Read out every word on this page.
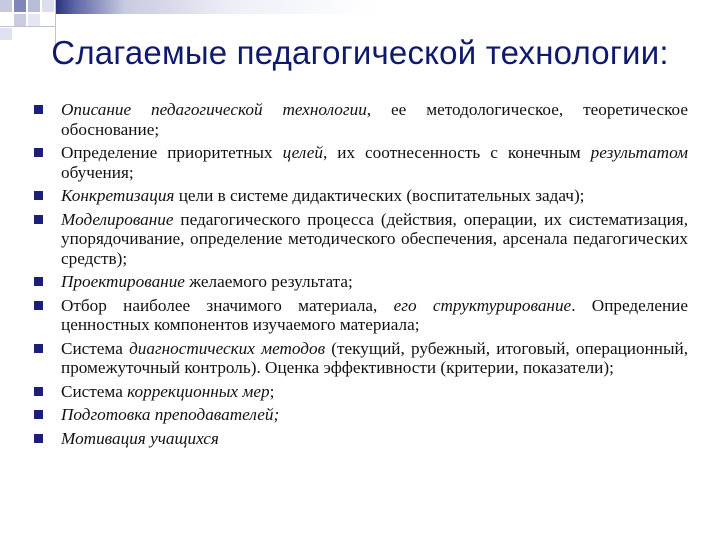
Слагаемые педагогической технологии:
Описание педагогической технологии, ее методологическое, теоретическое обоснование;
Определение приоритетных целей, их соотнесенность с конечным результатом обучения;
Конкретизация цели в системе дидактических (воспитательных задач);
Моделирование педагогического процесса (действия, операции, их систематизация, упорядочивание, определение методического обеспечения, арсенала педагогических средств);
Проектирование желаемого результата;
Отбор наиболее значимого материала, его структурирование. Определение ценностных компонентов изучаемого материала;
Система диагностических методов (текущий, рубежный, итоговый, операционный, промежуточный контроль). Оценка эффективности (критерии, показатели);
Система коррекционных мер;
Подготовка преподавателей;
Мотивация учащихся
